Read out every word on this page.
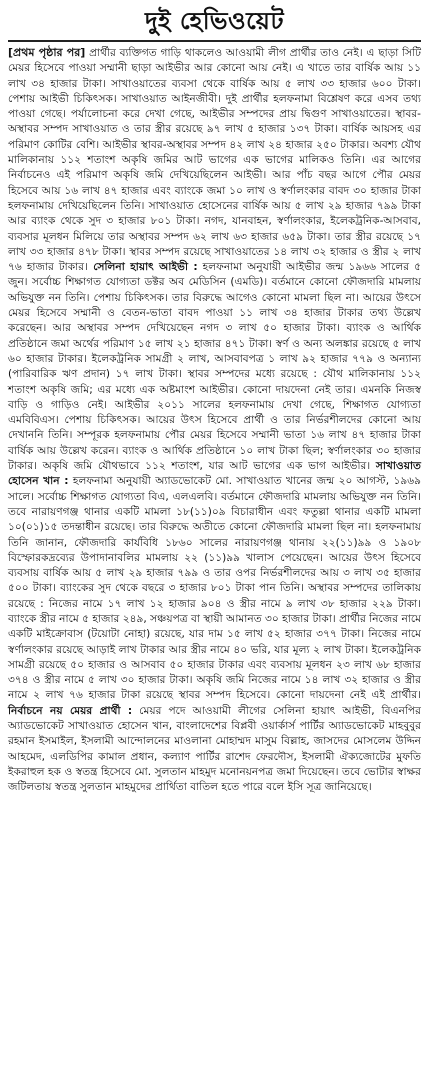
দুই হেভিওয়েট

[প্রথম পৃষ্ঠার পর] প্রার্থীর ব্যক্তিগত গাড়ি থাকলেও আওয়ামী লীগ প্রার্থীর তাও নেই। এ ছাড়া সিটি মেয়র হিসেবে পাওয়া সম্মানী ছাড়া আইভীর আর কোনো আয় নেই। এ খাতে তার বার্ষিক আয় ১১ লাখ ৩৪ হাজার টাকা। সাখাওয়াতের ব্যবসা থেকে বার্ষিক আয় ৫ লাখ ৩৩ হাজার ৬০০ টাকা। পেশায় আইভী চিকিৎসক। সাখাওয়াত আইনজীবী। দুই প্রার্থীর হলফনামা বিশ্লেষণ করে এসব তথ্য পাওয়া গেছে। পর্যালোচনা করে দেখা গেছে, আইভীর সম্পদের প্রায় দ্বিগুণ সাখাওয়াতের। স্থাবর-অস্থাবর সম্পদ সাখাওয়াত ও তার স্ত্রীর রয়েছে ৯৭ লাখ ৫ হাজার ১৩৭ টাকা। বার্ষিক আয়সহ এর পরিমাণ কোটির বেশি। আইভীর স্থাবর-অস্থাবর সম্পদ ৪২ লাখ ২৪ হাজার ২৫০ টাকার। অবশ্য যৌথ মালিকানায় ১১২ শতাংশ অকৃষি জমির আট ভাগের এক ভাগের মালিকও তিনি। এর আগের নির্বাচনেও এই পরিমাণ অকৃষি জমি দেখিয়েছিলেন আইভী। আর পাঁচ বছর আগে পৌর মেয়র হিসেবে আয় ১৬ লাখ ৪৭ হাজার এবং ব্যাংকে জমা ১০ লাখ ও স্বর্ণালংকার বাবদ ৩০ হাজার টাকা হলফনামায় দেখিয়েছিলেন তিনি। সাখাওয়াত হোসেনের বার্ষিক আয় ৫ লাখ ২৯ হাজার ৭৯৯ টাকা আর ব্যাংক থেকে সুদ ৩ হাজার ৮০১ টাকা। নগদ, যানবাহন, স্বর্ণালংকার, ইলেকট্রনিক-আসবাব, ব্যবসার মূলধন মিলিয়ে তার অস্থাবর সম্পদ ৬২ লাখ ৬৩ হাজার ৬৫৯ টাকা। তার স্ত্রীর রয়েছে ১৭ লাখ ৩৩ হাজার ৪৭৮ টাকা। স্থাবর সম্পদ রয়েছে সাখাওয়াতের ১৪ লাখ ৩২ হাজার ও স্ত্রীর ২ লাখ ৭৬ হাজার টাকার। সেলিনা হায়াৎ আইভী : হলফনামা অনুযায়ী আইভীর জন্ম ১৯৬৬ সালের ৫ জুন। সর্বোচ্চ শিক্ষাগত যোগ্যতা ডক্টর অব মেডিসিন (এমডি)। বর্তমানে কোনো ফৌজদারি মামলায় অভিযুক্ত নন তিনি। পেশায় চিকিৎসক। তার বিরুদ্ধে আগেও কোনো মামলা ছিল না। আয়ের উৎসে মেয়র হিসেবে সম্মানী ও বেতন-ভাতা বাবদ পাওয়া ১১ লাখ ৩৪ হাজার টাকার তথ্য উল্লেখ করেছেন। আর অস্থাবর সম্পদ দেখিয়েছেন নগদ ৩ লাখ ৫০ হাজার টাকা। ব্যাংক ও আর্থিক প্রতিষ্ঠানে জমা অর্থের পরিমাণ ১৫ লাখ ২১ হাজার ৪৭১ টাকা। স্বর্ণ ও অন্য অলঙ্কার রয়েছে ৫ লাখ ৬০ হাজার টাকার। ইলেকট্রনিক সামগ্রী ২ লাখ, আসবাবপত্র ১ লাখ ৯২ হাজার ৭৭৯ ও অন্যান্য (পারিবারিক ঋণ প্রদান) ১৭ লাখ টাকা। স্থাবর সম্পদের মধ্যে রয়েছে : যৌথ মালিকানায় ১১২ শতাংশ অকৃষি জমি; এর মধ্যে এক অষ্টমাংশ আইভীর। কোনো দায়দেনা নেই তার। এমনকি নিজস্ব বাড়ি ও গাড়িও নেই। আইভীর ২০১১ সালের হলফনামায় দেখা গেছে, শিক্ষাগত যোগ্যতা এমবিবিএস। পেশায় চিকিৎসক। আয়ের উৎস হিসেবে প্রার্থী ও তার নির্ভরশীলদের কোনো আয় দেখাননি তিনি। সম্পূরক হলফনামায় পৌর মেয়র হিসেবে সম্মানী ভাতা ১৬ লাখ ৪৭ হাজার টাকা বার্ষিক আয় উল্লেখ করেন। ব্যাংক ও আর্থিক প্রতিষ্ঠানে ১০ লাখ টাকা ছিল; স্বর্ণালংকার ৩০ হাজার টাকার। অকৃষি জমি যৌথভাবে ১১২ শতাংশ, যার আট ভাগের এক ভাগ আইভীর। সাখাওয়াত হোসেন খান : হলফনামা অনুযায়ী অ্যাডভোকেট মো. সাখাওয়াত খানের জন্ম ২০ আগস্ট, ১৯৬৯ সালে। সর্বোচ্চ শিক্ষাগত যোগ্যতা বিএ, এলএলবি। বর্তমানে ফৌজদারি মামলায় অভিযুক্ত নন তিনি। তবে নারায়ণগঞ্জ থানার একটি মামলা ১৮(১১)০৯ বিচারাধীন এবং ফতুল্লা থানার একটি মামলা ১০(০১)১৫ তদন্তাধীন রয়েছে। তার বিরুদ্ধে অতীতে কোনো ফৌজদারি মামলা ছিল না। হলফনামায় তিনি জানান, ফৌজদারি কার্যবিধি ১৮৬০ সালের নারায়ণগঞ্জ থানায় ২২(১১)৯৯ ও ১৯০৮ বিস্ফোরকদ্রব্যের উপাদানাবলির মামলায় ২২ (১১)৯৯ খালাস পেয়েছেন। আয়ের উৎস হিসেবে ব্যবসায় বার্ষিক আয় ৫ লাখ ২৯ হাজার ৭৯৯ ও তার ওপর নির্ভরশীলদের আয় ৩ লাখ ৩৫ হাজার ৫০০ টাকা। ব্যাংকের সুদ থেকে বছরে ৩ হাজার ৮০১ টাকা পান তিনি। অস্থাবর সম্পদের তালিকায় রয়েছে : নিজের নামে ১৭ লাখ ১২ হাজার ৯০৪ ও স্ত্রীর নামে ৯ লাখ ৩৮ হাজার ২২৯ টাকা। ব্যাংকে স্ত্রীর নামে ৫ হাজার ২৪৯, সঞ্চয়পত্র বা স্থায়ী আমানত ৩০ হাজার টাকা। প্রার্থীর নিজের নামে একটি মাইক্রোবাস (টয়োটা নোহা) রয়েছে, যার দাম ১৫ লাখ ৫২ হাজার ৩৭৭ টাকা। নিজের নামে স্বর্ণালংকার রয়েছে আড়াই লাখ টাকার আর স্ত্রীর নামে ৪০ ভরি, যার মূল্য ২ লাখ টাকা। ইলেকট্রনিক সামগ্রী রয়েছে ৫০ হাজার ও আসবাব ৫০ হাজার টাকার এবং ব্যবসায় মূলধন ২৩ লাখ ৬৮ হাজার ৩৭৪ ও স্ত্রীর নামে ৫ লাখ ৩০ হাজার টাকা। অকৃষি জমি নিজের নামে ১৪ লাখ ৩২ হাজার ও স্ত্রীর নামে ২ লাখ ৭৬ হাজার টাকা রয়েছে স্থাবর সম্পদ হিসেবে। কোনো দায়দেনা নেই এই প্রার্থীর। নির্বাচনে নয় মেয়র প্রার্থী : মেয়র পদে আওয়ামী লীগের সেলিনা হায়াৎ আইভী, বিএনপির অ্যাডভোকেট সাখাওয়াত হোসেন খান, বাংলাদেশের বিপ্লবী ওয়ার্কার্স পার্টির অ্যাডভোকেট মাহবুবুর রহমান ইসমাইল, ইসলামী আন্দোলনের মাওলানা মোহাম্মদ মাসুম বিল্লাহ, জাসদের মোসলেম উদ্দিন আহমেদ, এলডিপির কামাল প্রধান, কল্যাণ পার্টির রাশেদ ফেরদৌস, ইসলামী ঐক্যজোটের মুফতি ইকরাহুল হক ও স্বতন্ত্র হিসেবে মো. সুলতান মাহমুদ মনোনয়নপত্র জমা দিয়েছেন। তবে ভোটার স্বাক্ষর জটিলতায় স্বতন্ত্র সুলতান মাহমুদের প্রার্থিতা বাতিল হতে পারে বলে ইসি সূত্র জানিয়েছে।
